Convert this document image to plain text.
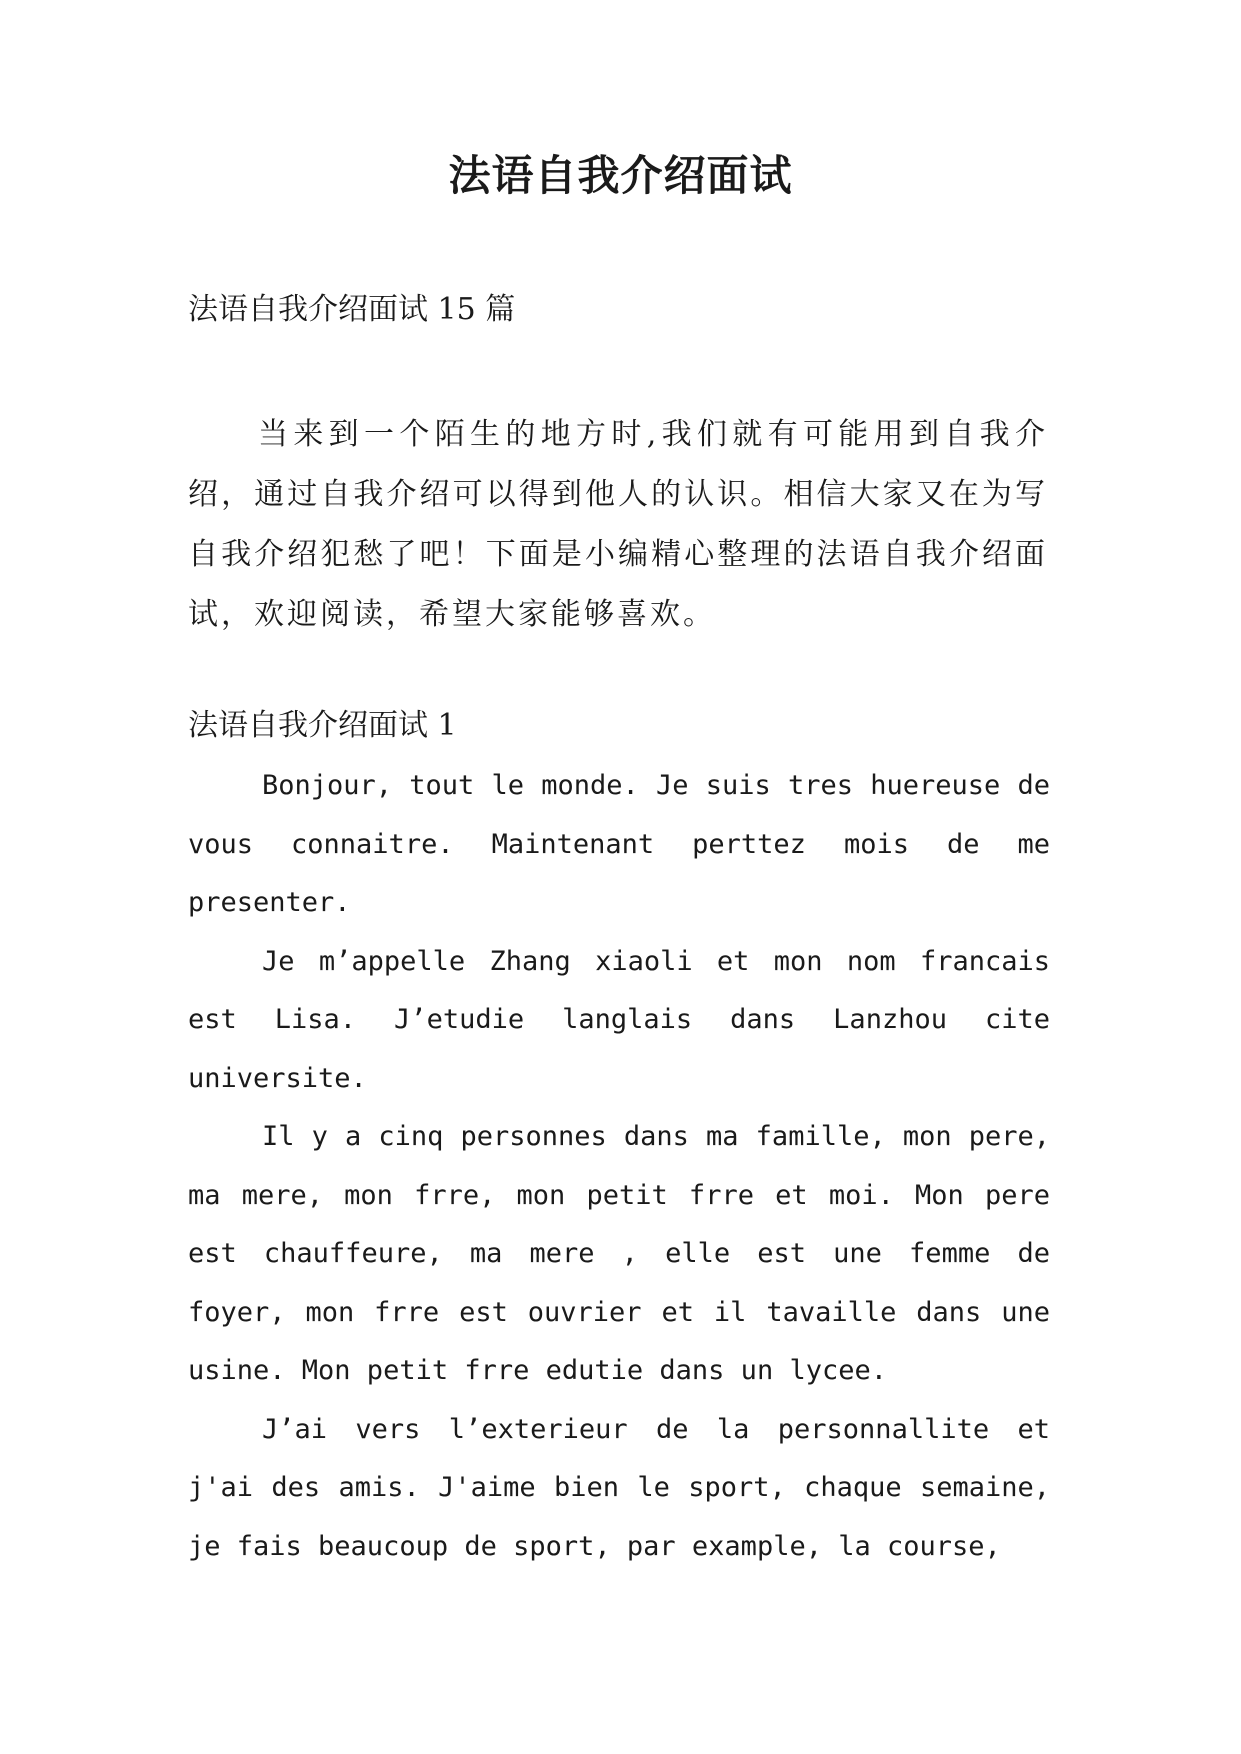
法语自我介绍面试
法语自我介绍面试 15 篇
当来到一个陌生的地方时,我们就有可能用到自我介绍，通过自我介绍可以得到他人的认识。相信大家又在为写自我介绍犯愁了吧！下面是小编精心整理的法语自我介绍面试，欢迎阅读，希望大家能够喜欢。
法语自我介绍面试 1

Bonjour, tout le monde. Je suis tres huereuse de vous connaitre. Maintenant perttez mois de me presenter.

Je m’appelle Zhang xiaoli et mon nom francais est Lisa. J’etudie langlais dans Lanzhou cite universite.

Il y a cinq personnes dans ma famille, mon pere, ma mere, mon frre, mon petit frre et moi. Mon pere est chauffeure, ma mere , elle est une femme de foyer, mon frre est ouvrier et il tavaille dans une usine. Mon petit frre edutie dans un lycee.

J’ai vers l’exterieur de la personnallite et j'ai des amis. J'aime bien le sport, chaque semaine, je fais beaucoup de sport, par example, la course,
